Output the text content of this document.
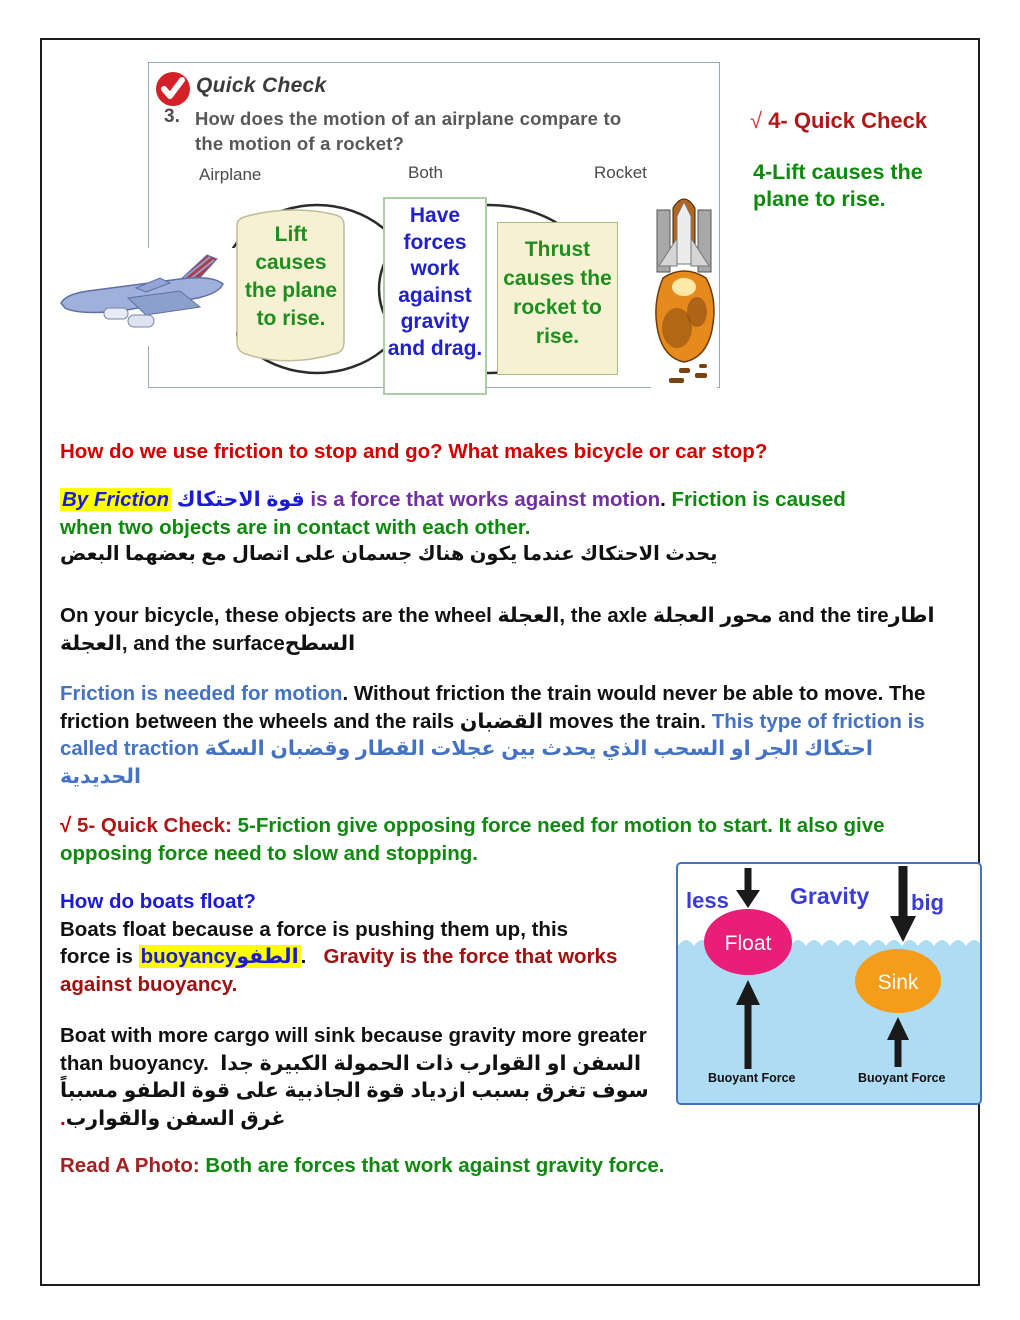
Quick Check
3. How does the motion of an airplane compare to the motion of a rocket?
Airplane	Both	Rocket
Lift causes the plane to rise.
Have forces work against gravity and drag.
Thrust causes the rocket to rise.
√ 4- Quick Check
4-Lift causes the plane to rise.
How do we use friction to stop and go? What makes bicycle or car stop?
By Friction قوة الاحتكاك is a force that works against motion. Friction is caused when two objects are in contact with each other.
يحدث الاحتكاك عندما يكون هناك جسمان على اتصال مع بعضهما البعض
On your bicycle, these objects are the wheel العجلة, the axle محور العجلة and the tireاطار العجلة, and the surfaceالسطح
Friction is needed for motion. Without friction the train would never be able to move. The friction between the wheels and the rails القضبان moves the train. This type of friction is called traction احتكاك الجر او السحب الذي يحدث بين عجلات القطار وقضبان السكة الحديدية
√ 5- Quick Check: 5-Friction give opposing force need for motion to start. It also give opposing force need to slow and stopping.
How do boats float?
Boats float because a force is pushing them up, this force is buoyancyالطفو.   Gravity is the force that works against buoyancy.
less	Gravity big
Float
Sink
Buoyant Force	Buoyant Force
Boat with more cargo will sink because gravity more greater than buoyancy.  السفن او القوارب ذات الحمولة الكبيرة جدا سوف تغرق بسبب ازدياد قوة الجاذبية على قوة الطفو مسبباً غرق السفن والقوارب.
Read A Photo: Both are forces that work against gravity force.
